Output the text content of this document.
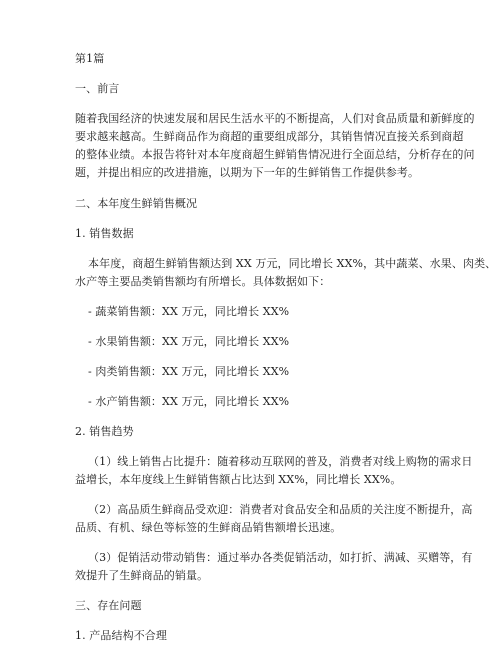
第1篇

一、前言

随着我国经济的快速发展和居民生活水平的不断提高，人们对食品质量和新鲜度的

要求越来越高。生鲜商品作为商超的重要组成部分，其销售情况直接关系到商超

的整体业绩。本报告将针对本年度商超生鲜销售情况进行全面总结，分析存在的问

题，并提出相应的改进措施，以期为下一年的生鲜销售工作提供参考。

二、本年度生鲜销售概况

1. 销售数据

本年度，商超生鲜销售额达到 XX 万元，同比增长 XX%，其中蔬菜、水果、肉类、

水产等主要品类销售额均有所增长。具体数据如下：

- 蔬菜销售额：XX 万元，同比增长 XX%

- 水果销售额：XX 万元，同比增长 XX%

- 肉类销售额：XX 万元，同比增长 XX%

- 水产销售额：XX 万元，同比增长 XX%

2. 销售趋势

（1）线上销售占比提升：随着移动互联网的普及，消费者对线上购物的需求日

益增长，本年度线上生鲜销售额占比达到 XX%，同比增长 XX%。

（2）高品质生鲜商品受欢迎：消费者对食品安全和品质的关注度不断提升，高

品质、有机、绿色等标签的生鲜商品销售额增长迅速。

（3）促销活动带动销售：通过举办各类促销活动，如打折、满减、买赠等，有

效提升了生鲜商品的销量。

三、存在问题

1. 产品结构不合理
